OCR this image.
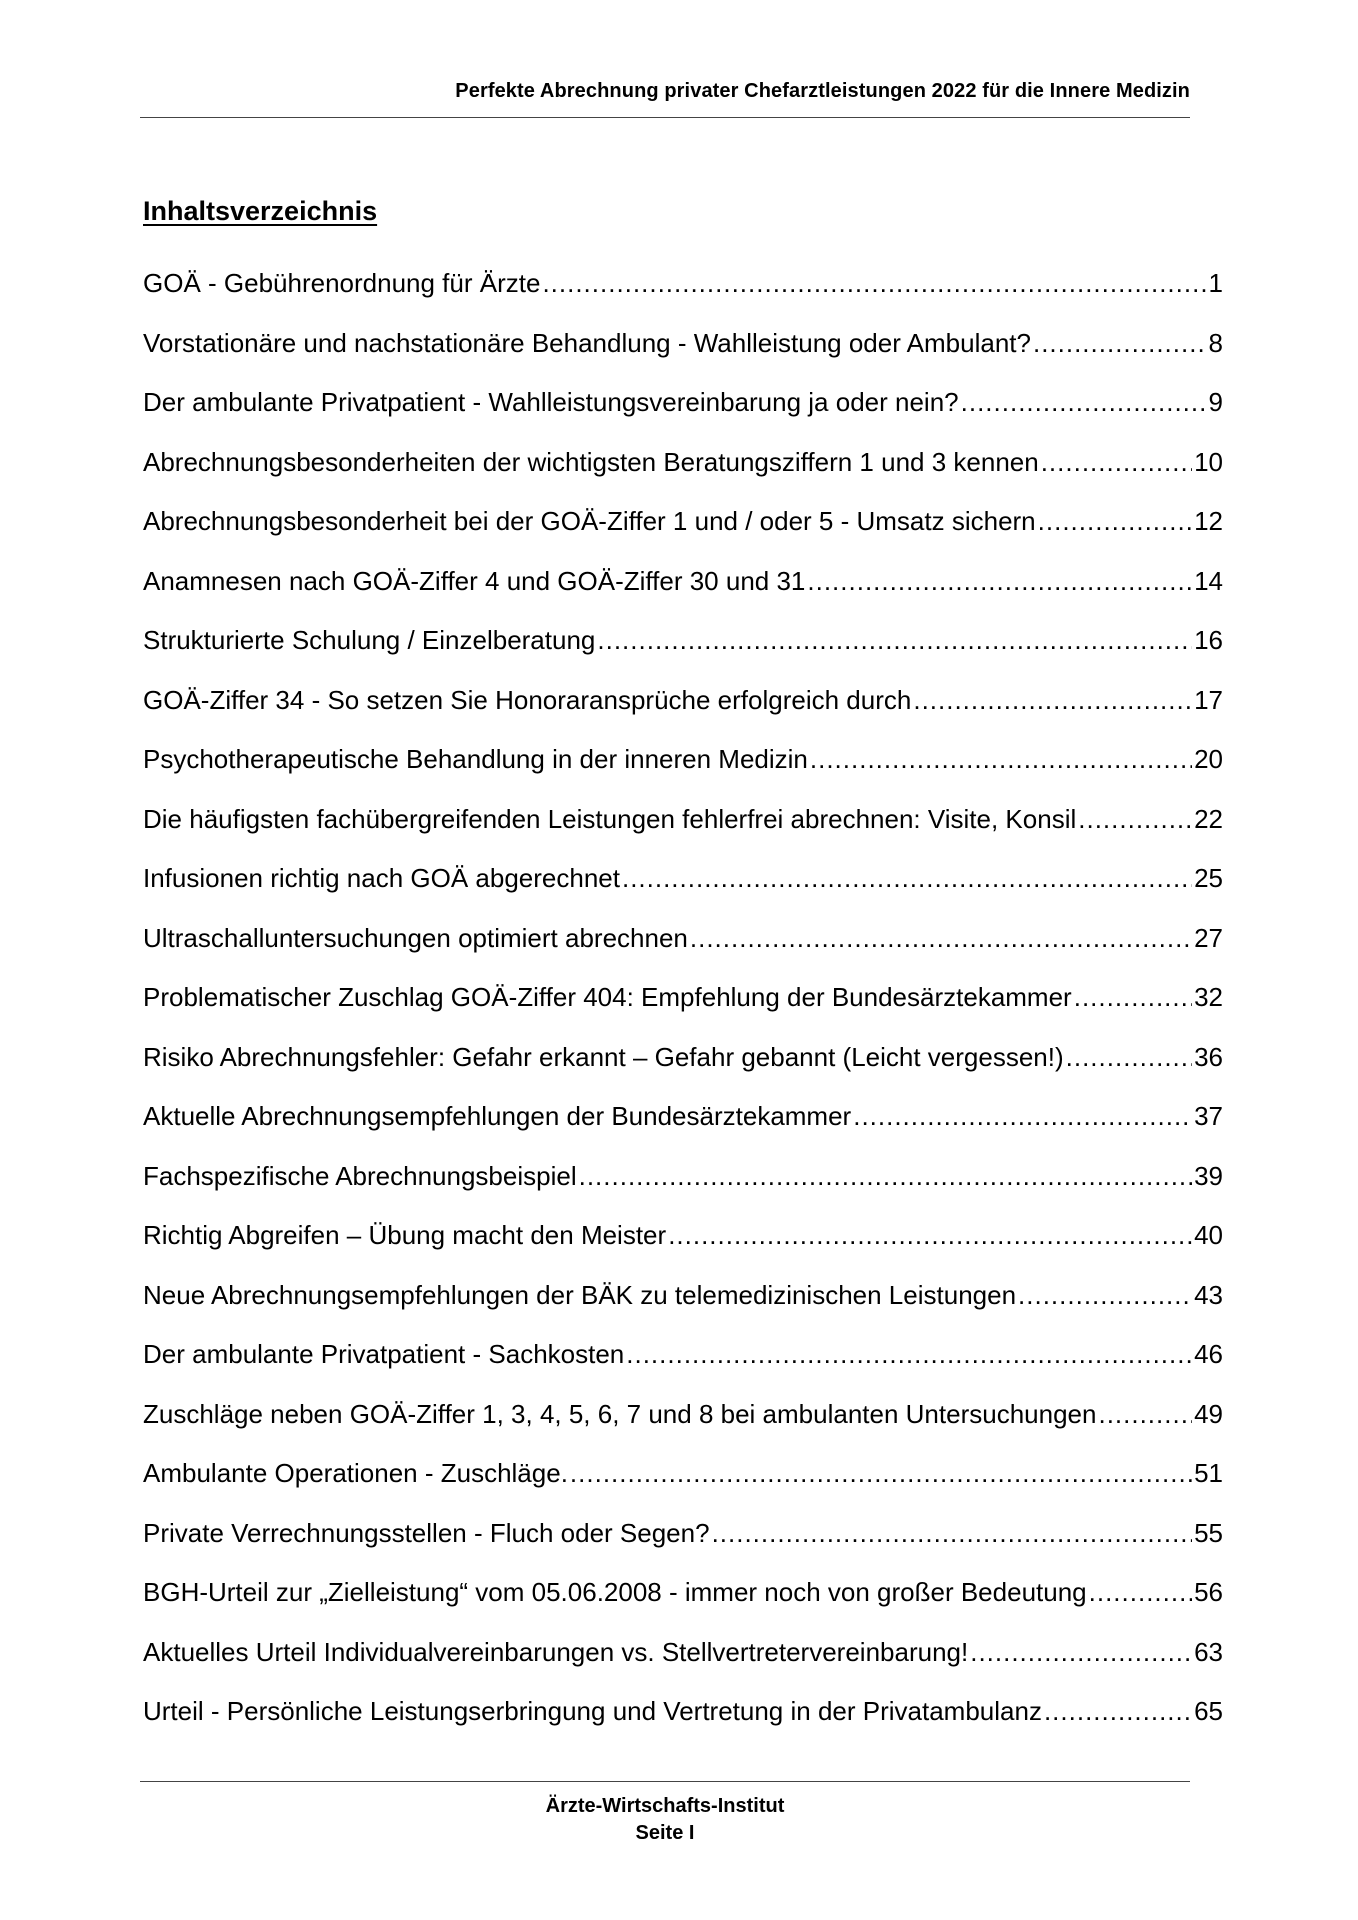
Perfekte Abrechnung privater Chefarztleistungen 2022 für die Innere Medizin
Inhaltsverzeichnis
GOÄ - Gebührenordnung für Ärzte .....	1
Vorstationäre und nachstationäre Behandlung - Wahlleistung oder Ambulant? .....	8
Der ambulante Privatpatient - Wahlleistungsvereinbarung ja oder nein? .....	9
Abrechnungsbesonderheiten der wichtigsten Beratungsziffern 1 und 3 kennen .....	10
Abrechnungsbesonderheit bei der GOÄ-Ziffer 1 und / oder 5 - Umsatz sichern .....	12
Anamnesen nach GOÄ-Ziffer 4 und GOÄ-Ziffer 30 und 31 .....	14
Strukturierte Schulung / Einzelberatung .....	16
GOÄ-Ziffer 34 - So setzen Sie Honoraransprüche erfolgreich durch .....	17
Psychotherapeutische Behandlung in der inneren Medizin .....	20
Die häufigsten fachübergreifenden Leistungen fehlerfrei abrechnen: Visite, Konsil .....	22
Infusionen richtig nach GOÄ abgerechnet .....	25
Ultraschalluntersuchungen optimiert abrechnen .....	27
Problematischer Zuschlag GOÄ-Ziffer 404: Empfehlung der Bundesärztekammer .....	32
Risiko Abrechnungsfehler: Gefahr erkannt – Gefahr gebannt (Leicht vergessen!) .....	36
Aktuelle Abrechnungsempfehlungen der Bundesärztekammer .....	37
Fachspezifische Abrechnungsbeispiel .....	39
Richtig Abgreifen – Übung macht den Meister .....	40
Neue Abrechnungsempfehlungen der BÄK zu telemedizinischen Leistungen .....	43
Der ambulante Privatpatient - Sachkosten .....	46
Zuschläge neben GOÄ-Ziffer 1, 3, 4, 5, 6, 7 und 8 bei ambulanten Untersuchungen .....	49
Ambulante Operationen - Zuschläge. .....	51
Private Verrechnungsstellen - Fluch oder Segen? .....	55
BGH-Urteil zur „Zielleistung“ vom 05.06.2008 - immer noch von großer Bedeutung .....	56
Aktuelles Urteil Individualvereinbarungen vs. Stellvertretervereinbarung! .....	63
Urteil - Persönliche Leistungserbringung und Vertretung in der Privatambulanz .....	65
Ärzte-Wirtschafts-Institut
Seite I
